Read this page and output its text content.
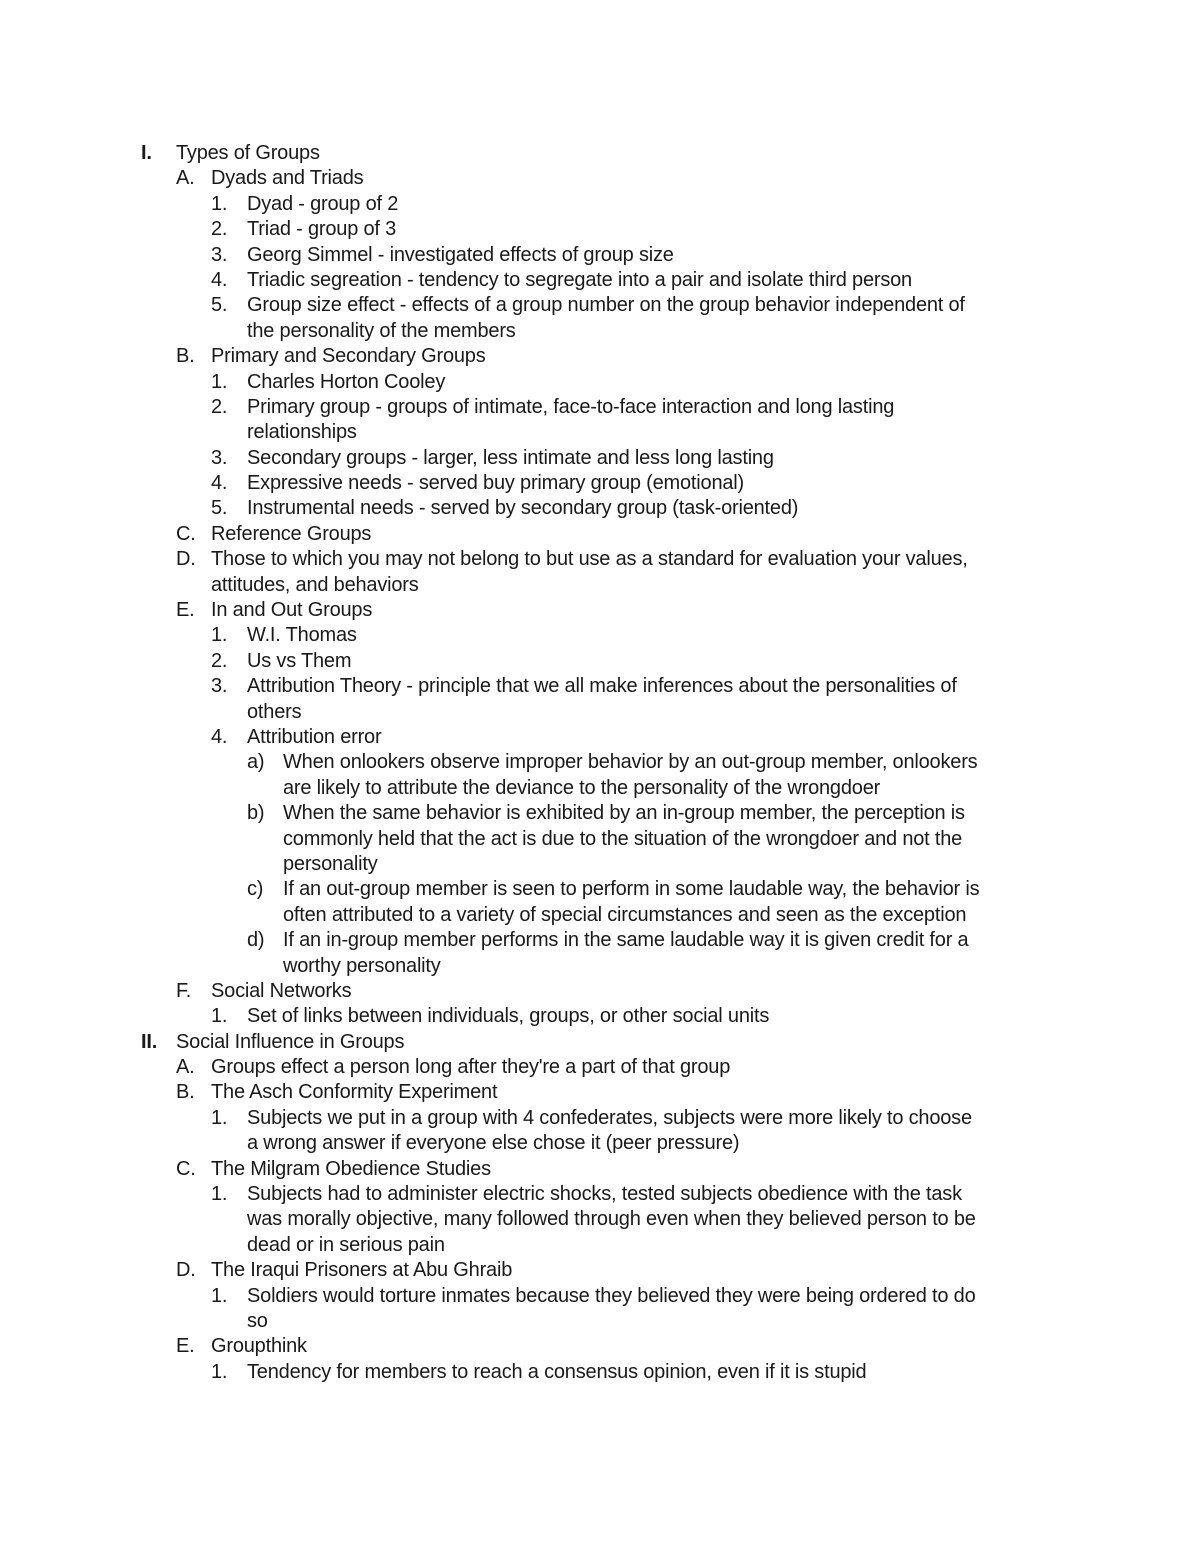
I. Types of Groups
A. Dyads and Triads
1. Dyad - group of 2
2. Triad - group of 3
3. Georg Simmel - investigated effects of group size
4. Triadic segreation - tendency to segregate into a pair and isolate third person
5. Group size effect - effects of a group number on the group behavior independent of
the personality of the members
B. Primary and Secondary Groups
1. Charles Horton Cooley
2. Primary group - groups of intimate, face-to-face interaction and long lasting
relationships
3. Secondary groups - larger, less intimate and less long lasting
4. Expressive needs - served buy primary group (emotional)
5. Instrumental needs - served by secondary group (task-oriented)
C. Reference Groups
D. Those to which you may not belong to but use as a standard for evaluation your values,
attitudes, and behaviors
E. In and Out Groups
1. W.I. Thomas
2. Us vs Them
3. Attribution Theory - principle that we all make inferences about the personalities of
others
4. Attribution error
a) When onlookers observe improper behavior by an out-group member, onlookers
are likely to attribute the deviance to the personality of the wrongdoer
b) When the same behavior is exhibited by an in-group member, the perception is
commonly held that the act is due to the situation of the wrongdoer and not the
personality
c) If an out-group member is seen to perform in some laudable way, the behavior is
often attributed to a variety of special circumstances and seen as the exception
d) If an in-group member performs in the same laudable way it is given credit for a
worthy personality
F. Social Networks
1. Set of links between individuals, groups, or other social units
II. Social Influence in Groups
A. Groups effect a person long after they're a part of that group
B. The Asch Conformity Experiment
1. Subjects we put in a group with 4 confederates, subjects were more likely to choose
a wrong answer if everyone else chose it (peer pressure)
C. The Milgram Obedience Studies
1. Subjects had to administer electric shocks, tested subjects obedience with the task
was morally objective, many followed through even when they believed person to be
dead or in serious pain
D. The Iraqui Prisoners at Abu Ghraib
1. Soldiers would torture inmates because they believed they were being ordered to do
so
E. Groupthink
1. Tendency for members to reach a consensus opinion, even if it is stupid
